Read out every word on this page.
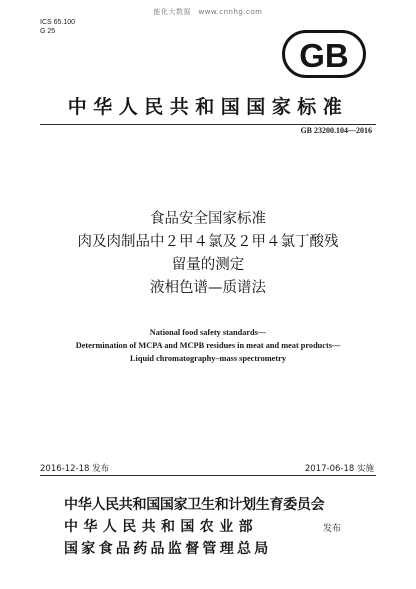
能化大数据　www.cnnhg.com
ICS 65.100
G 25
GB
中华人民共和国国家标准
GB 23200.104—2016
食品安全国家标准
肉及肉制品中２甲４氯及２甲４氯丁酸残
留量的测定
液相色谱—质谱法
National food safety standards—
Determination of MCPA and MCPB residues in meat and meat products—
Liquid chromatography–mass spectrometry
2016-12-18 发布	2017-06-18 实施
中华人民共和国国家卫生和计划生育委员会
中华人民共和国农业部
国家食品药品监督管理总局
发布
